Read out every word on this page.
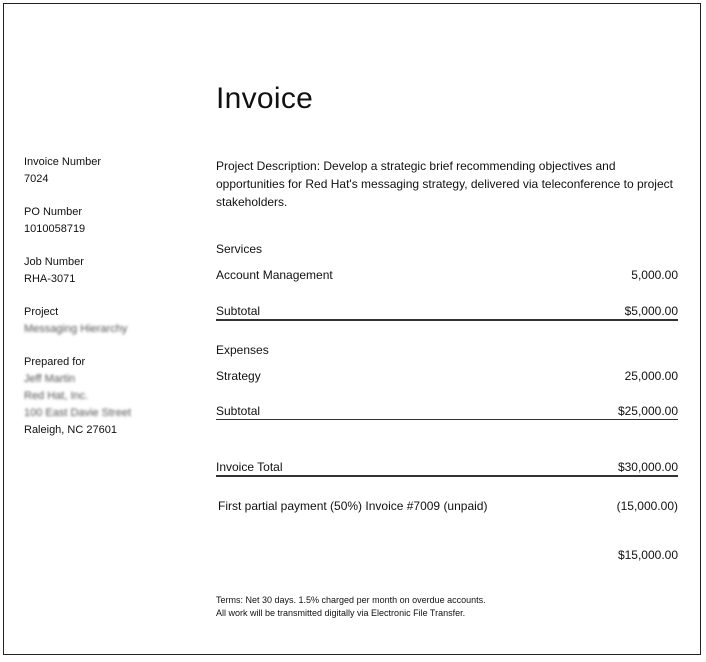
Invoice
Invoice Number
7024
PO Number
1010058719
Job Number
RHA-3071
Project
Messaging Hierarchy
Prepared for
Jeff Martin
Red Hat, Inc.
100 East Davie Street
Raleigh, NC 27601
Project Description: Develop a strategic brief recommending objectives and opportunities for Red Hat's messaging strategy, delivered via teleconference to project stakeholders.
Services
Account Management	5,000.00
Subtotal	$5,000.00
Expenses
Strategy	25,000.00
Subtotal	$25,000.00
Invoice Total	$30,000.00
First partial payment (50%) Invoice #7009 (unpaid)	(15,000.00)
$15,000.00
Terms: Net 30 days. 1.5% charged per month on overdue accounts.
All work will be transmitted digitally via Electronic File Transfer.
